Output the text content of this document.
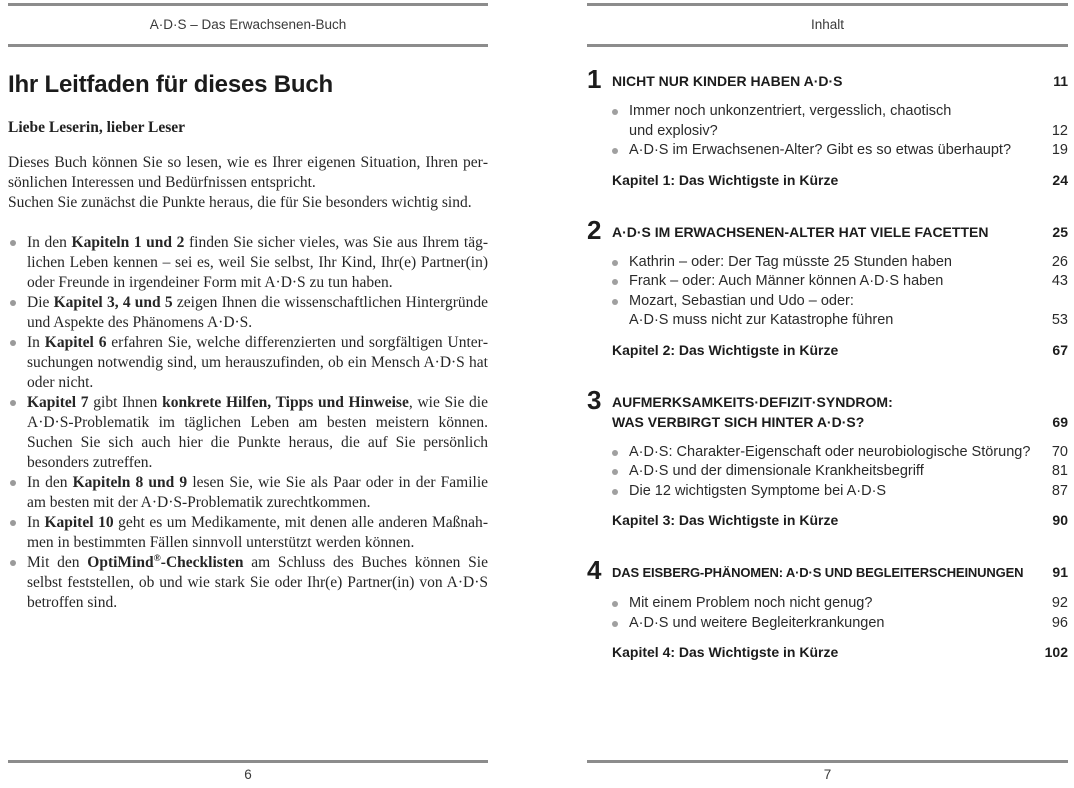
A·D·S – Das Erwachsenen-Buch
Ihr Leitfaden für dieses Buch
Liebe Leserin, lieber Leser

Dieses Buch können Sie so lesen, wie es Ihrer eigenen Situation, Ihren persönlichen Interessen und Bedürfnissen entspricht.

Suchen Sie zunächst die Punkte heraus, die für Sie besonders wichtig sind.

In den Kapiteln 1 und 2 finden Sie sicher vieles, was Sie aus Ihrem täglichen Leben kennen – sei es, weil Sie selbst, Ihr Kind, Ihr(e) Partner(in) oder Freunde in irgendeiner Form mit A·D·S zu tun haben.

Die Kapitel 3, 4 und 5 zeigen Ihnen die wissenschaftlichen Hintergründe und Aspekte des Phänomens A·D·S.

In Kapitel 6 erfahren Sie, welche differenzierten und sorgfältigen Untersuchungen notwendig sind, um herauszufinden, ob ein Mensch A·D·S hat oder nicht.

Kapitel 7 gibt Ihnen konkrete Hilfen, Tipps und Hinweise, wie Sie die A·D·S-Problematik im täglichen Leben am besten meistern können. Suchen Sie sich auch hier die Punkte heraus, die auf Sie persönlich besonders zutreffen.

In den Kapiteln 8 und 9 lesen Sie, wie Sie als Paar oder in der Familie am besten mit der A·D·S-Problematik zurechtkommen.

In Kapitel 10 geht es um Medikamente, mit denen alle anderen Maßnahmen in bestimmten Fällen sinnvoll unterstützt werden können.

Mit den OptiMind®-Checklisten am Schluss des Buches können Sie selbst feststellen, ob und wie stark Sie oder Ihr(e) Partner(in) von A·D·S betroffen sind.

6
Inhalt
1 NICHT NUR KINDER HABEN A·D·S	11
Immer noch unkonzentriert, vergesslich, chaotisch
und explosiv?	12
A·D·S im Erwachsenen-Alter? Gibt es so etwas überhaupt?	19
Kapitel 1: Das Wichtigste in Kürze	24
2 A·D·S IM ERWACHSENEN-ALTER HAT VIELE FACETTEN	25
Kathrin – oder: Der Tag müsste 25 Stunden haben	26
Frank – oder: Auch Männer können A·D·S haben	43
Mozart, Sebastian und Udo – oder:
A·D·S muss nicht zur Katastrophe führen	53
Kapitel 2: Das Wichtigste in Kürze	67
3 AUFMERKSAMKEITS·DEFIZIT·SYNDROM:
WAS VERBIRGT SICH HINTER A·D·S?	69
A·D·S: Charakter-Eigenschaft oder neurobiologische Störung?	70
A·D·S und der dimensionale Krankheitsbegriff	81
Die 12 wichtigsten Symptome bei A·D·S	87
Kapitel 3: Das Wichtigste in Kürze	90
4 DAS EISBERG-PHÄNOMEN: A·D·S UND BEGLEITERSCHEINUNGEN	91
Mit einem Problem noch nicht genug?	92
A·D·S und weitere Begleiterkrankungen	96
Kapitel 4: Das Wichtigste in Kürze	102
7
